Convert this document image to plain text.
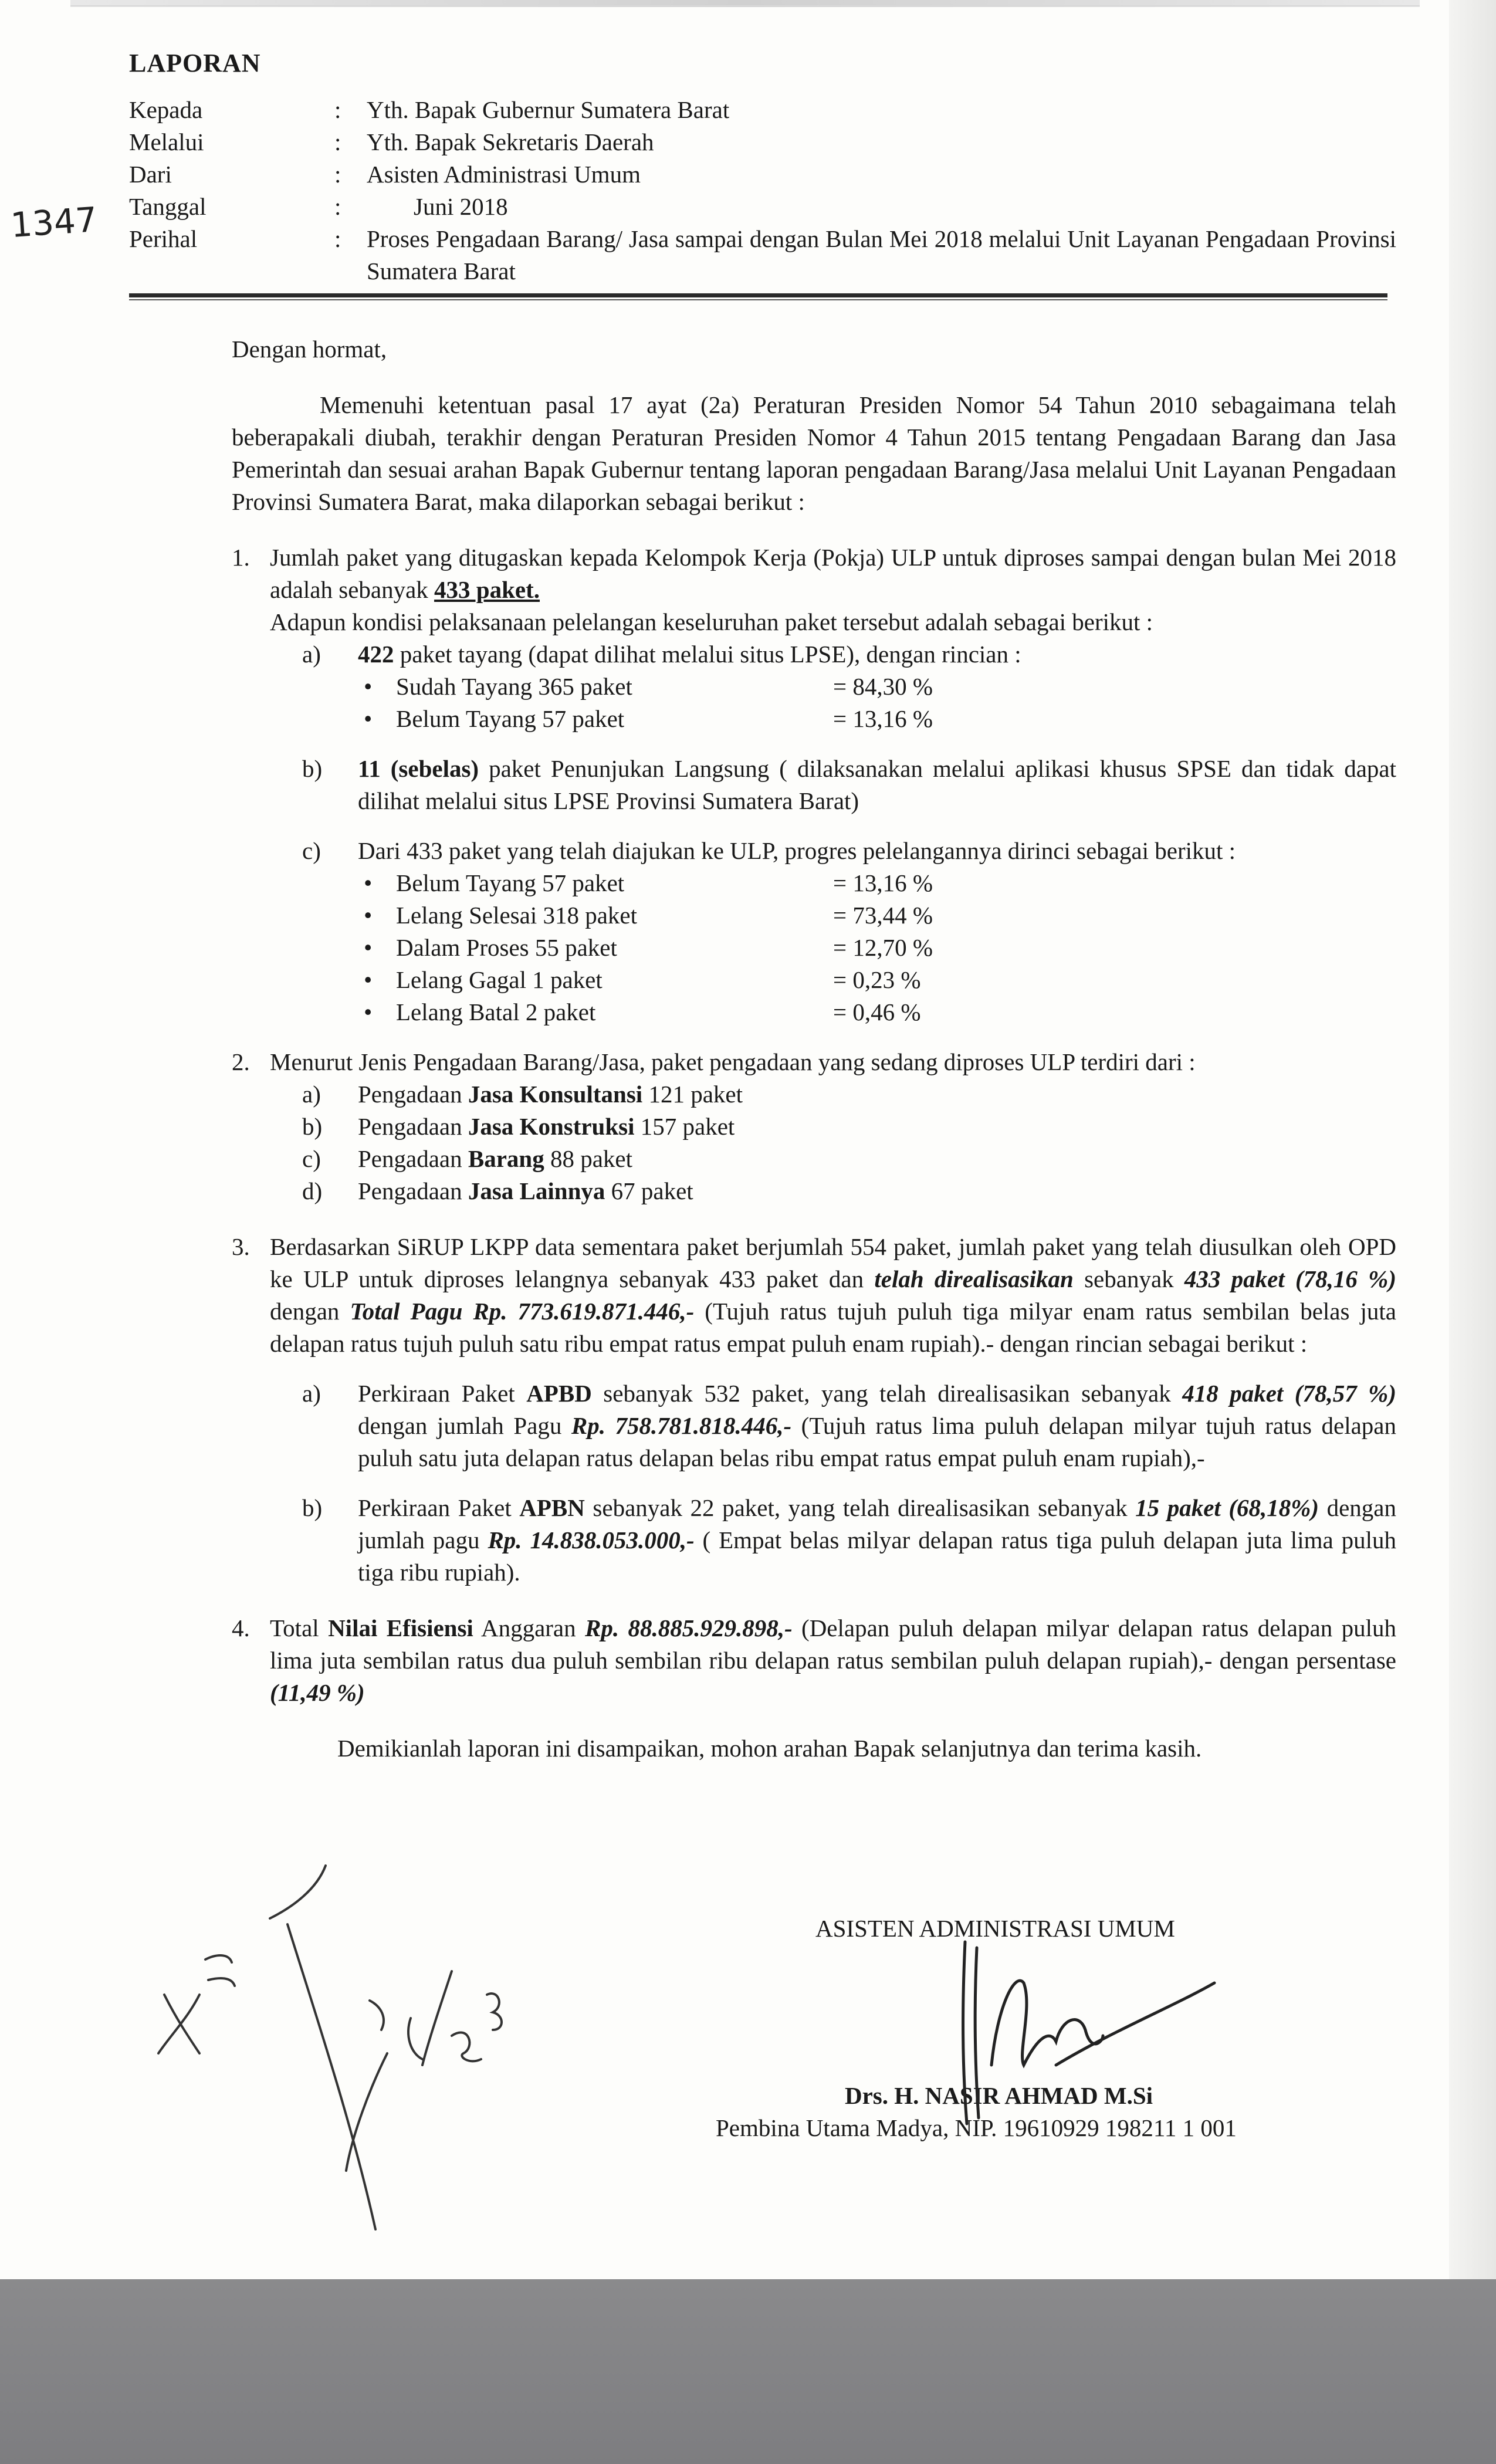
1347
LAPORAN
Kepada	:	Yth. Bapak Gubernur Sumatera Barat
Melalui	:	Yth. Bapak Sekretaris Daerah
Dari	:	Asisten Administrasi Umum
Tanggal	:	Juni 2018
Perihal	:	Proses Pengadaan Barang/ Jasa sampai dengan Bulan Mei 2018 melalui Unit Layanan Pengadaan Provinsi Sumatera Barat

Dengan hormat,

Memenuhi ketentuan pasal 17 ayat (2a) Peraturan Presiden Nomor 54 Tahun 2010 sebagaimana telah beberapakali diubah, terakhir dengan Peraturan Presiden Nomor 4 Tahun 2015 tentang Pengadaan Barang dan Jasa Pemerintah dan sesuai arahan Bapak Gubernur tentang laporan pengadaan Barang/Jasa melalui Unit Layanan Pengadaan Provinsi Sumatera Barat, maka dilaporkan sebagai berikut :

1. Jumlah paket yang ditugaskan kepada Kelompok Kerja (Pokja) ULP untuk diproses sampai dengan bulan Mei 2018 adalah sebanyak 433 paket.

Adapun kondisi pelaksanaan pelelangan keseluruhan paket tersebut adalah sebagai berikut :

a)	422 paket tayang (dapat dilihat melalui situs LPSE), dengan rincian :

• Sudah Tayang 365 paket	= 84,30 %
• Belum Tayang 57 paket	= 13,16 %
b)	11 (sebelas) paket Penunjukan Langsung ( dilaksanakan melalui aplikasi khusus SPSE dan tidak dapat dilihat melalui situs LPSE Provinsi Sumatera Barat)

c)	Dari 433 paket yang telah diajukan ke ULP, progres pelelangannya dirinci sebagai berikut :

• Belum Tayang 57 paket	= 13,16 %
• Lelang Selesai 318 paket	= 73,44 %
• Dalam Proses 55 paket	= 12,70 %
• Lelang Gagal 1 paket	= 0,23 %
• Lelang Batal 2 paket	= 0,46 %
2. Menurut Jenis Pengadaan Barang/Jasa, paket pengadaan yang sedang diproses ULP terdiri dari :

a)	Pengadaan Jasa Konsultansi 121 paket
b)	Pengadaan Jasa Konstruksi 157 paket
c)	Pengadaan Barang 88 paket
d)	Pengadaan Jasa Lainnya 67 paket
3. Berdasarkan SiRUP LKPP data sementara paket berjumlah 554 paket, jumlah paket yang telah diusulkan oleh OPD ke ULP untuk diproses lelangnya sebanyak 433 paket dan telah direalisasikan sebanyak 433 paket (78,16 %) dengan Total Pagu Rp. 773.619.871.446,- (Tujuh ratus tujuh puluh tiga milyar enam ratus sembilan belas juta delapan ratus tujuh puluh satu ribu empat ratus empat puluh enam rupiah).- dengan rincian sebagai berikut :

a)	Perkiraan Paket APBD sebanyak 532 paket, yang telah direalisasikan sebanyak 418 paket (78,57 %) dengan jumlah Pagu Rp. 758.781.818.446,- (Tujuh ratus lima puluh delapan milyar tujuh ratus delapan puluh satu juta delapan ratus delapan belas ribu empat ratus empat puluh enam rupiah),-

b)	Perkiraan Paket APBN sebanyak 22 paket, yang telah direalisasikan sebanyak 15 paket (68,18%) dengan jumlah pagu Rp. 14.838.053.000,- ( Empat belas milyar delapan ratus tiga puluh delapan juta lima puluh tiga ribu rupiah).

4. Total Nilai Efisiensi Anggaran Rp. 88.885.929.898,- (Delapan puluh delapan milyar delapan ratus delapan puluh lima juta sembilan ratus dua puluh sembilan ribu delapan ratus sembilan puluh delapan rupiah),- dengan persentase (11,49 %)

Demikianlah laporan ini disampaikan, mohon arahan Bapak selanjutnya dan terima kasih.

ASISTEN ADMINISTRASI UMUM
Drs. H. NASIR AHMAD M.Si
Pembina Utama Madya, NIP. 19610929 198211 1 001
